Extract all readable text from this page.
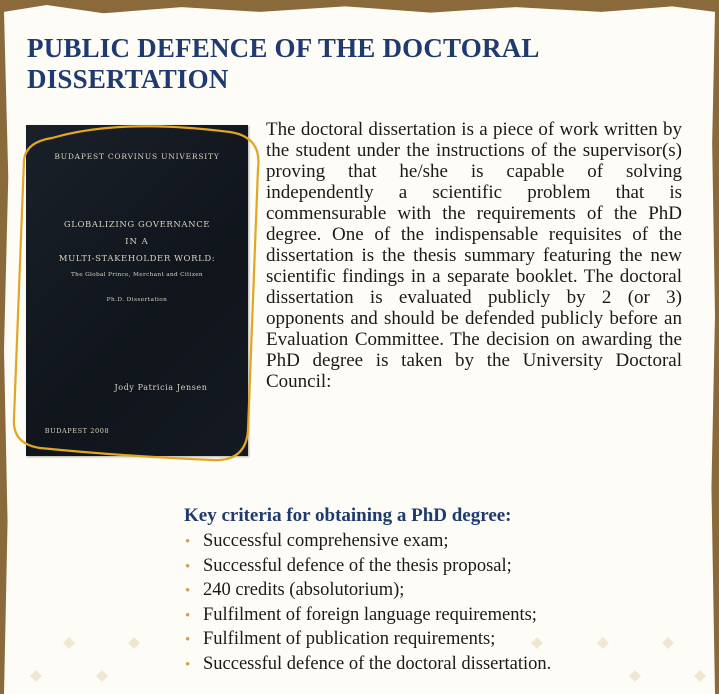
PUBLIC DEFENCE OF THE DOCTORAL DISSERTATION

BUDAPEST CORVINUS UNIVERSITY

GLOBALIZING GOVERNANCE

IN A

MULTI-STAKEHOLDER WORLD:

The Global Prince, Merchant and Citizen

Ph.D. Dissertation

Jody Patricia Jensen

BUDAPEST 2008

The doctoral dissertation is a piece of work written by the student under the instructions of the supervisor(s) proving that he/she is capable of solving independently a scientific problem that is commensurable with the requirements of the PhD degree. One of the indispensable requisites of the dissertation is the thesis summary featuring the new scientific findings in a separate booklet. The doctoral dissertation is evaluated publicly by 2 (or 3) opponents and should be defended publicly before an Evaluation Committee. The decision on awarding the PhD degree is taken by the University Doctoral Council:

Key criteria for obtaining a PhD degree:

• Successful comprehensive exam;
• Successful defence of the thesis proposal;
• 240 credits (absolutorium);
• Fulfilment of foreign language requirements;
• Fulfilment of publication requirements;
• Successful defence of the doctoral dissertation.
